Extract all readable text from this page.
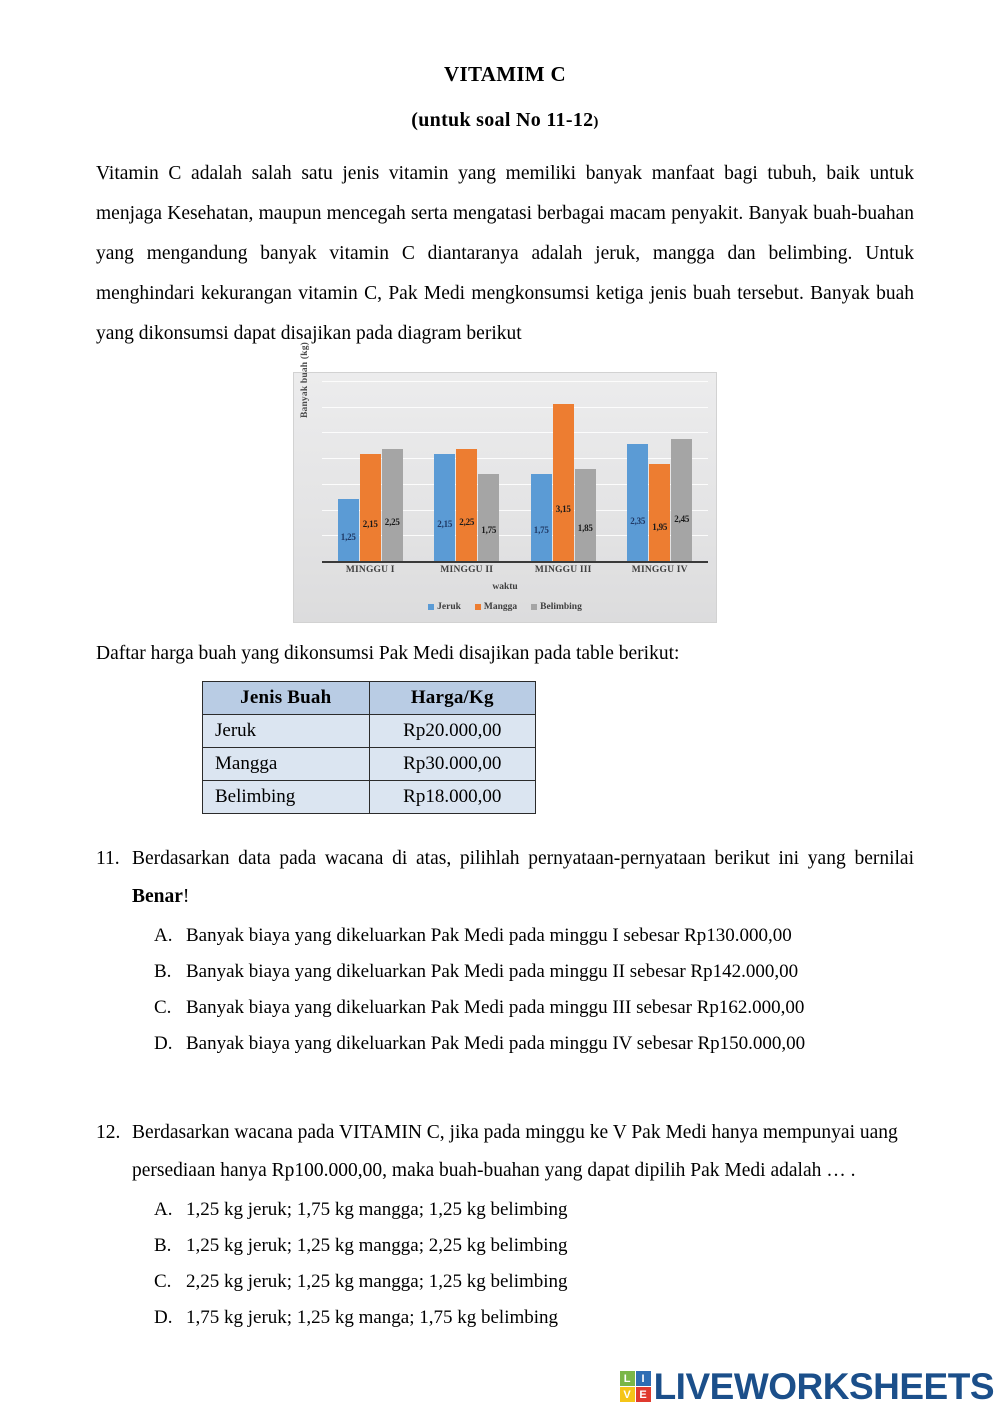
VITAMIM C
(untuk soal No 11-12)

Vitamin C adalah salah satu jenis vitamin yang memiliki banyak manfaat bagi tubuh, baik untuk menjaga Kesehatan, maupun mencegah serta mengatasi berbagai macam penyakit. Banyak buah-buahan yang mengandung banyak vitamin C diantaranya adalah jeruk, mangga dan belimbing. Untuk menghindari kekurangan vitamin C, Pak Medi mengkonsumsi ketiga jenis buah tersebut. Banyak buah yang dikonsumsi dapat disajikan pada diagram berikut

Banyak buah (kg)
1,25
2,15 2,25	2,15 2,25
1,75	1,75
3,15
1,85
2,35
1,95
2,45
MINGGU I	MINGGU II	MINGGU III	MINGGU IV
waktu
Jeruk Mangga Belimbing

Daftar harga buah yang dikonsumsi Pak Medi disajikan pada table berikut:

Jenis Buah	Harga/Kg
Jeruk	Rp20.000,00
Mangga	Rp30.000,00
Belimbing	Rp18.000,00
11. Berdasarkan data pada wacana di atas, pilihlah pernyataan-pernyataan berikut ini yang bernilai Benar!
A. Banyak biaya yang dikeluarkan Pak Medi pada minggu I sebesar Rp130.000,00
B. Banyak biaya yang dikeluarkan Pak Medi pada minggu II sebesar Rp142.000,00
C. Banyak biaya yang dikeluarkan Pak Medi pada minggu III sebesar Rp162.000,00
D. Banyak biaya yang dikeluarkan Pak Medi pada minggu IV sebesar Rp150.000,00
12. Berdasarkan wacana pada VITAMIN C, jika pada minggu ke V Pak Medi hanya mempunyai uang persediaan hanya Rp100.000,00, maka buah-buahan yang dapat dipilih Pak Medi adalah … .
A. 1,25 kg jeruk; 1,75 kg mangga; 1,25 kg belimbing
B. 1,25 kg jeruk; 1,25 kg mangga; 2,25 kg belimbing
C. 2,25 kg jeruk; 1,25 kg mangga; 1,25 kg belimbing
D. 1,75 kg jeruk; 1,25 kg manga; 1,75 kg belimbing
L	I
V E LIVEWORKSHEETS
